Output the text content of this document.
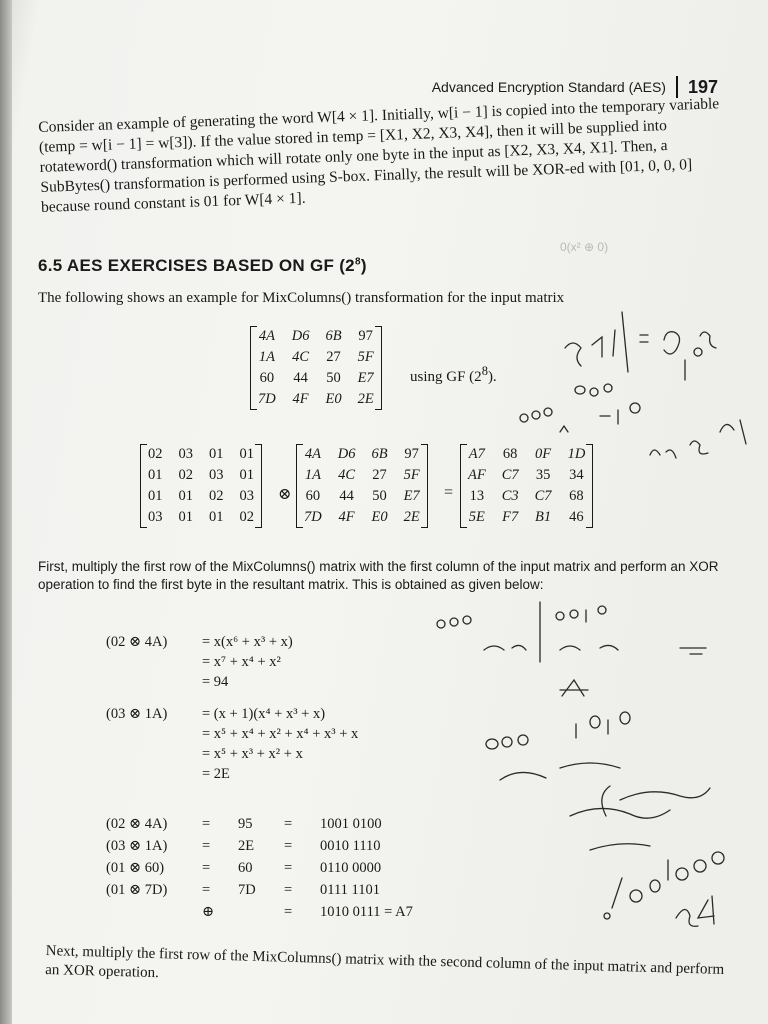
Advanced Encryption Standard (AES) 197

Consider an example of generating the word W[4 × 1]. Initially, w[i − 1] is copied into the temporary variable (temp = w[i − 1] = w[3]). If the value stored in temp = [X1, X2, X3, X4], then it will be supplied into rotateword() transformation which will rotate only one byte in the input as [X2, X3, X4, X1]. Then, a SubBytes() transformation is performed using S-box. Finally, the result will be XOR-ed with [01, 0, 0, 0] because round constant is 01 for W[4 × 1].

6.5 AES EXERCISES BASED ON GF $(2^8)$
The following shows an example for MixColumns() transformation for the input matrix
4A D6 6B 97
1A 4C 27 5F
60 44 50 E7
7D 4F E0 2E
using GF $(2^8)$.
02 03 01 01
01 02 03 01
01 01 02 03
03 01 01 02
⊗
4A D6 6B 97
1A 4C 27 5F
60 44 50 E7
7D 4F E0 2E
=
A7 68 0F 1D
AF C7 35 34
13 C3 C7 68
5E F7 B1 46
First, multiply the first row of the MixColumns() matrix with the first column of the input matrix and perform an XOR operation to find the first byte in the resultant matrix. This is obtained as given below:
(02 ⊗ 4A) = x(x⁶ + x³ + x)
= x⁷ + x⁴ + x²
= 94
(03 ⊗ 1A) = (x + 1)(x⁴ + x³ + x)
= x⁵ + x⁴ + x² + x⁴ + x³ + x
= x⁵ + x³ + x² + x
= 2E
(02 ⊗ 4A) = 95 = 1001 0100
(03 ⊗ 1A) = 2E = 0010 1110
(01 ⊗ 60)	= 60 = 0110 0000
(01 ⊗ 7D) = 7D = 0111 1101
⊕	= 1010 0111 = A7
Next, multiply the first row of the MixColumns() matrix with the second column of the input matrix and perform an XOR operation.
0(x² ⊕ 0)
